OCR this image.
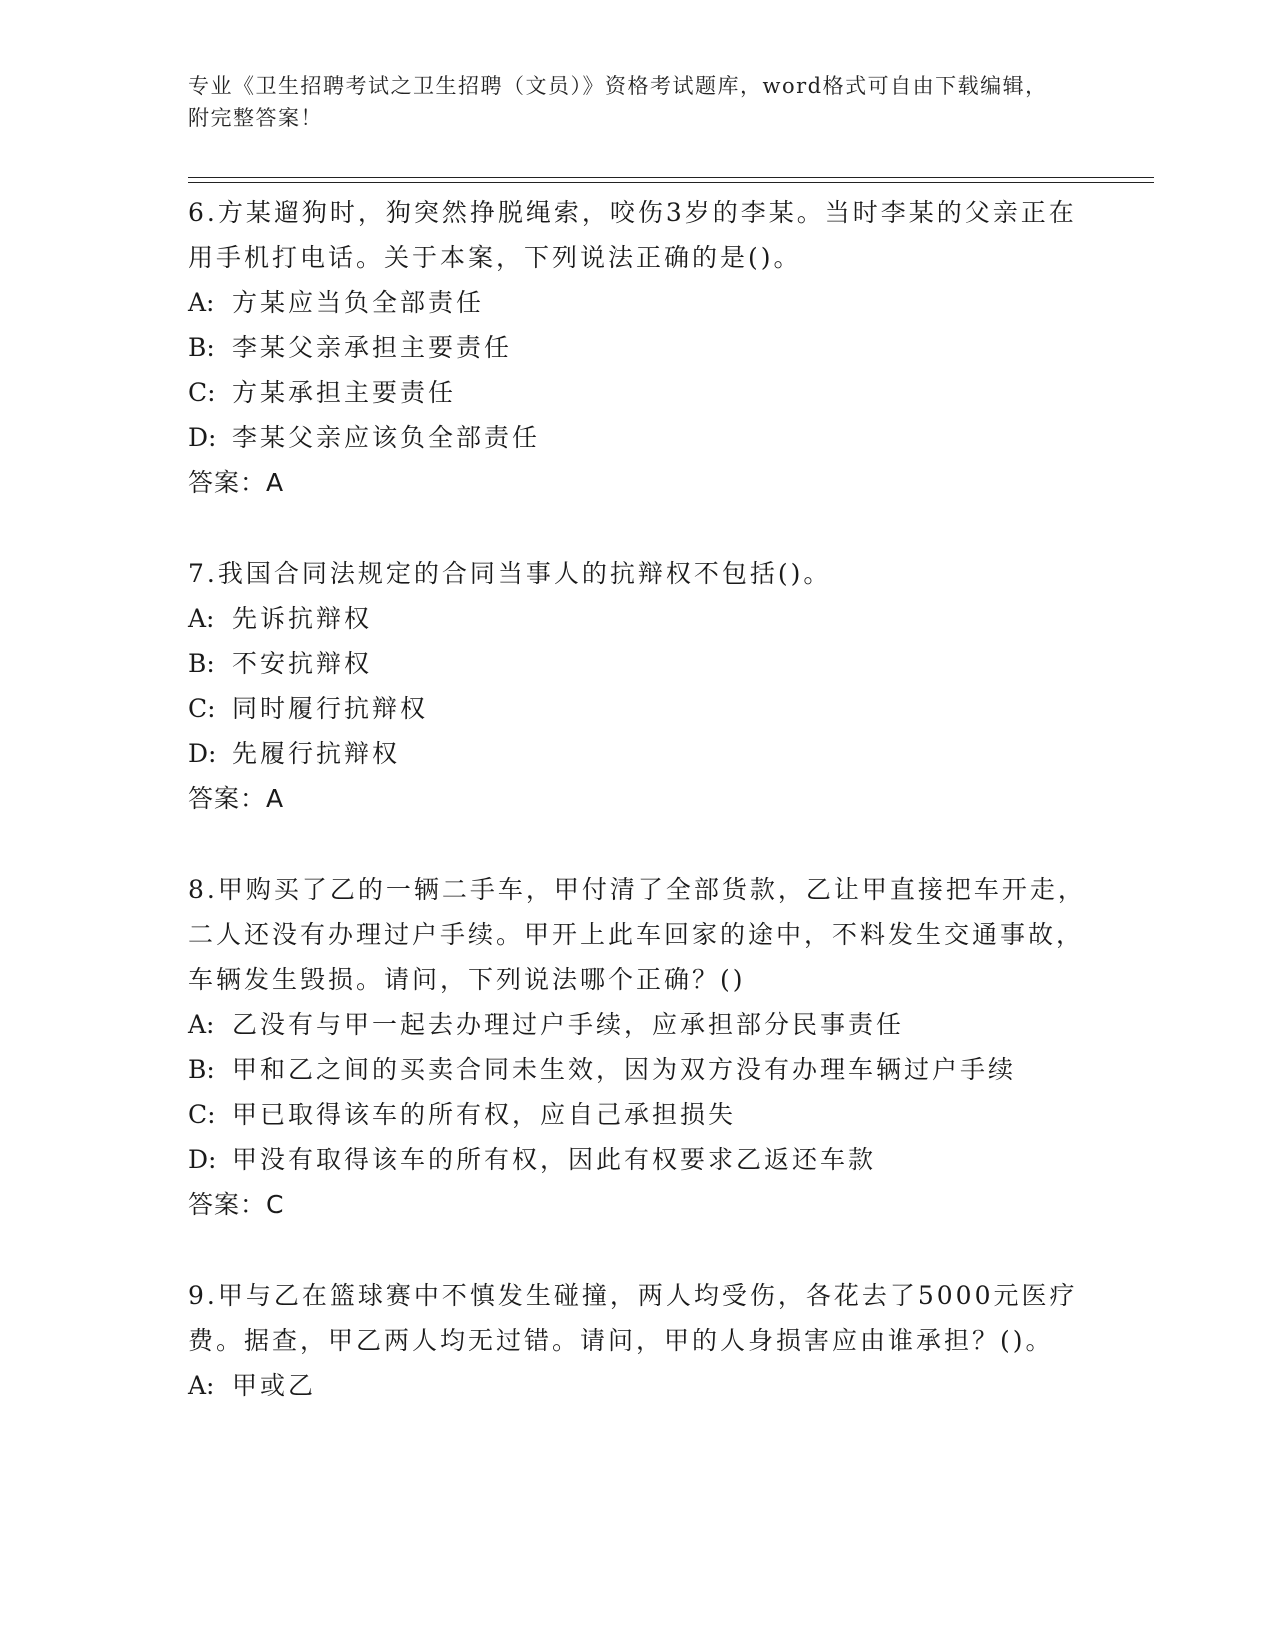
专业《卫生招聘考试之卫生招聘（文员）》资格考试题库，word格式可自由下载编辑，附完整答案！

6.方某遛狗时，狗突然挣脱绳索，咬伤3岁的李某。当时李某的父亲正在用手机打电话。关于本案，下列说法正确的是()。

A: 方某应当负全部责任

B: 李某父亲承担主要责任

C: 方某承担主要责任

D: 李某父亲应该负全部责任

答案：A

7.我国合同法规定的合同当事人的抗辩权不包括()。

A: 先诉抗辩权

B: 不安抗辩权

C: 同时履行抗辩权

D: 先履行抗辩权

答案：A

8.甲购买了乙的一辆二手车，甲付清了全部货款，乙让甲直接把车开走，二人还没有办理过户手续。甲开上此车回家的途中，不料发生交通事故，车辆发生毁损。请问，下列说法哪个正确？()

A: 乙没有与甲一起去办理过户手续，应承担部分民事责任

B: 甲和乙之间的买卖合同未生效，因为双方没有办理车辆过户手续

C: 甲已取得该车的所有权，应自己承担损失

D: 甲没有取得该车的所有权，因此有权要求乙返还车款

答案：C

9.甲与乙在篮球赛中不慎发生碰撞，两人均受伤，各花去了5000元医疗费。据查，甲乙两人均无过错。请问，甲的人身损害应由谁承担？()。

A: 甲或乙
